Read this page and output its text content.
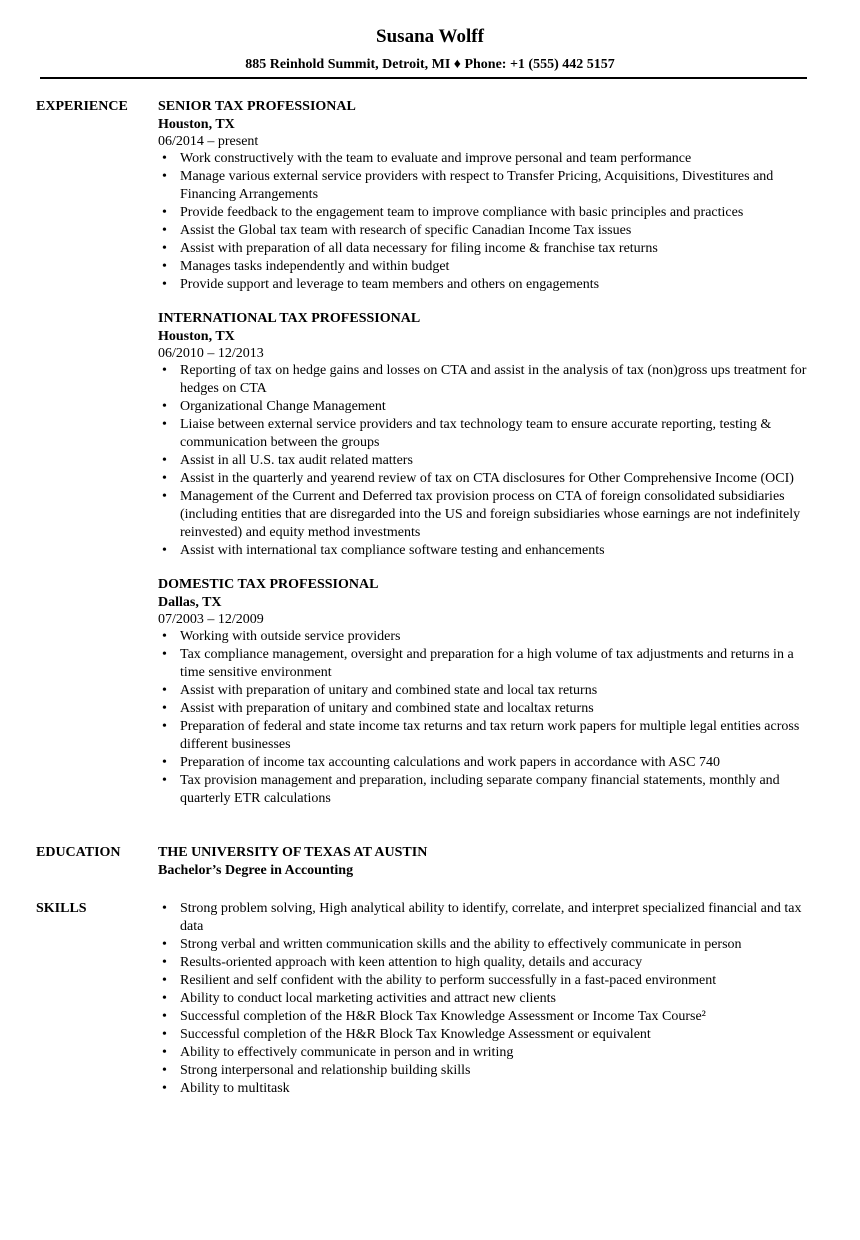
Susana Wolff
885 Reinhold Summit, Detroit, MI ♦ Phone: +1 (555) 442 5157
EXPERIENCE SENIOR TAX PROFESSIONAL
Houston, TX
06/2014 – present
• Work constructively with the team to evaluate and improve personal and team performance
• Manage various external service providers with respect to Transfer Pricing, Acquisitions, Divestitures and Financing Arrangements
• Provide feedback to the engagement team to improve compliance with basic principles and practices
• Assist the Global tax team with research of specific Canadian Income Tax issues
• Assist with preparation of all data necessary for filing income & franchise tax returns
• Manages tasks independently and within budget
• Provide support and leverage to team members and others on engagements
INTERNATIONAL TAX PROFESSIONAL
Houston, TX
06/2010 – 12/2013
• Reporting of tax on hedge gains and losses on CTA and assist in the analysis of tax (non)gross ups treatment for hedges on CTA
• Organizational Change Management
• Liaise between external service providers and tax technology team to ensure accurate reporting, testing & communication between the groups
• Assist in all U.S. tax audit related matters
• Assist in the quarterly and yearend review of tax on CTA disclosures for Other Comprehensive Income (OCI)
• Management of the Current and Deferred tax provision process on CTA of foreign consolidated subsidiaries (including entities that are disregarded into the US and foreign subsidiaries whose earnings are not indefinitely reinvested) and equity method investments
• Assist with international tax compliance software testing and enhancements
DOMESTIC TAX PROFESSIONAL
Dallas, TX
07/2003 – 12/2009
• Working with outside service providers
• Tax compliance management, oversight and preparation for a high volume of tax adjustments and returns in a time sensitive environment
• Assist with preparation of unitary and combined state and local tax returns
• Assist with preparation of unitary and combined state and localtax returns
• Preparation of federal and state income tax returns and tax return work papers for multiple legal entities across different businesses
• Preparation of income tax accounting calculations and work papers in accordance with ASC 740
• Tax provision management and preparation, including separate company financial statements, monthly and quarterly ETR calculations
EDUCATION	THE UNIVERSITY OF TEXAS AT AUSTIN
Bachelor’s Degree in Accounting
SKILLS
•	Strong problem solving, High analytical ability to identify, correlate, and interpret specialized financial and tax data
• Strong verbal and written communication skills and the ability to effectively communicate in person
• Results-oriented approach with keen attention to high quality, details and accuracy
• Resilient and self confident with the ability to perform successfully in a fast-paced environment
• Ability to conduct local marketing activities and attract new clients
• Successful completion of the H&R Block Tax Knowledge Assessment or Income Tax Course²
• Successful completion of the H&R Block Tax Knowledge Assessment or equivalent
• Ability to effectively communicate in person and in writing
• Strong interpersonal and relationship building skills
• Ability to multitask
